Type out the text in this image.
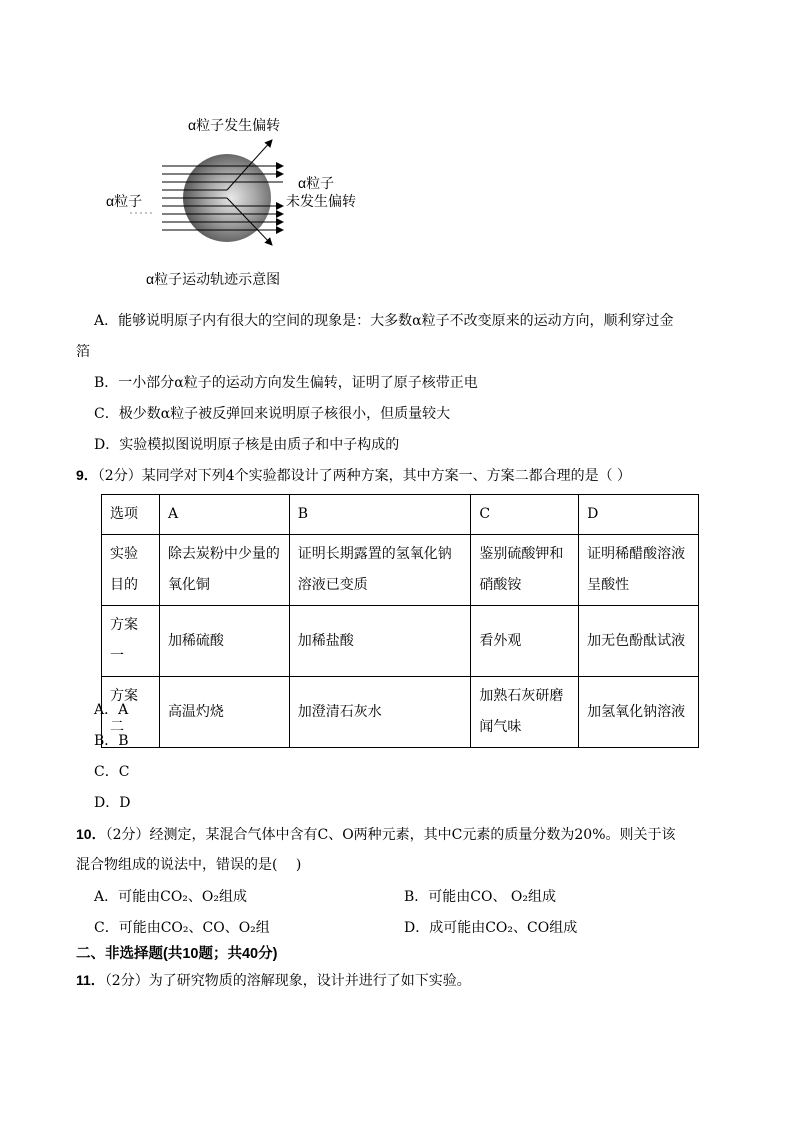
α粒子发生偏转
α粒子
未发生偏转
α粒子
α粒子运动轨迹示意图
A．能够说明原子内有很大的空间的现象是：大多数α粒子不改变原来的运动方向，顺利穿过金
箔
B．一小部分α粒子的运动方向发生偏转，证明了原子核带正电
C．极少数α粒子被反弹回来说明原子核很小，但质量较大
D．实验模拟图说明原子核是由质子和中子构成的
9．（2分）某同学对下列4个实验都设计了两种方案，其中方案一、方案二都合理的是（ ）
选项	A	B	C	D
实验目的	除去炭粉中少量的氧化铜	证明长期露置的氢氧化钠溶液已变质	鉴别硫酸钾和硝酸铵	证明稀醋酸溶液呈酸性
方案一	加稀硫酸	加稀盐酸	看外观	加无色酚酞试液
方案二	高温灼烧	加澄清石灰水	加熟石灰研磨闻气味	加氢氧化钠溶液
A．A
B．B
C．C
D．D
10．（2分）经测定，某混合气体中含有C、O两种元素，其中C元素的质量分数为20%。则关于该
混合物组成的说法中，错误的是(　 )
A．可能由CO₂、O₂组成	B．可能由CO、 O₂组成
C．可能由CO₂、CO、O₂组	D．成可能由CO₂、CO组成
二、非选择题(共10题；共40分)
11．（2分）为了研究物质的溶解现象，设计并进行了如下实验。
